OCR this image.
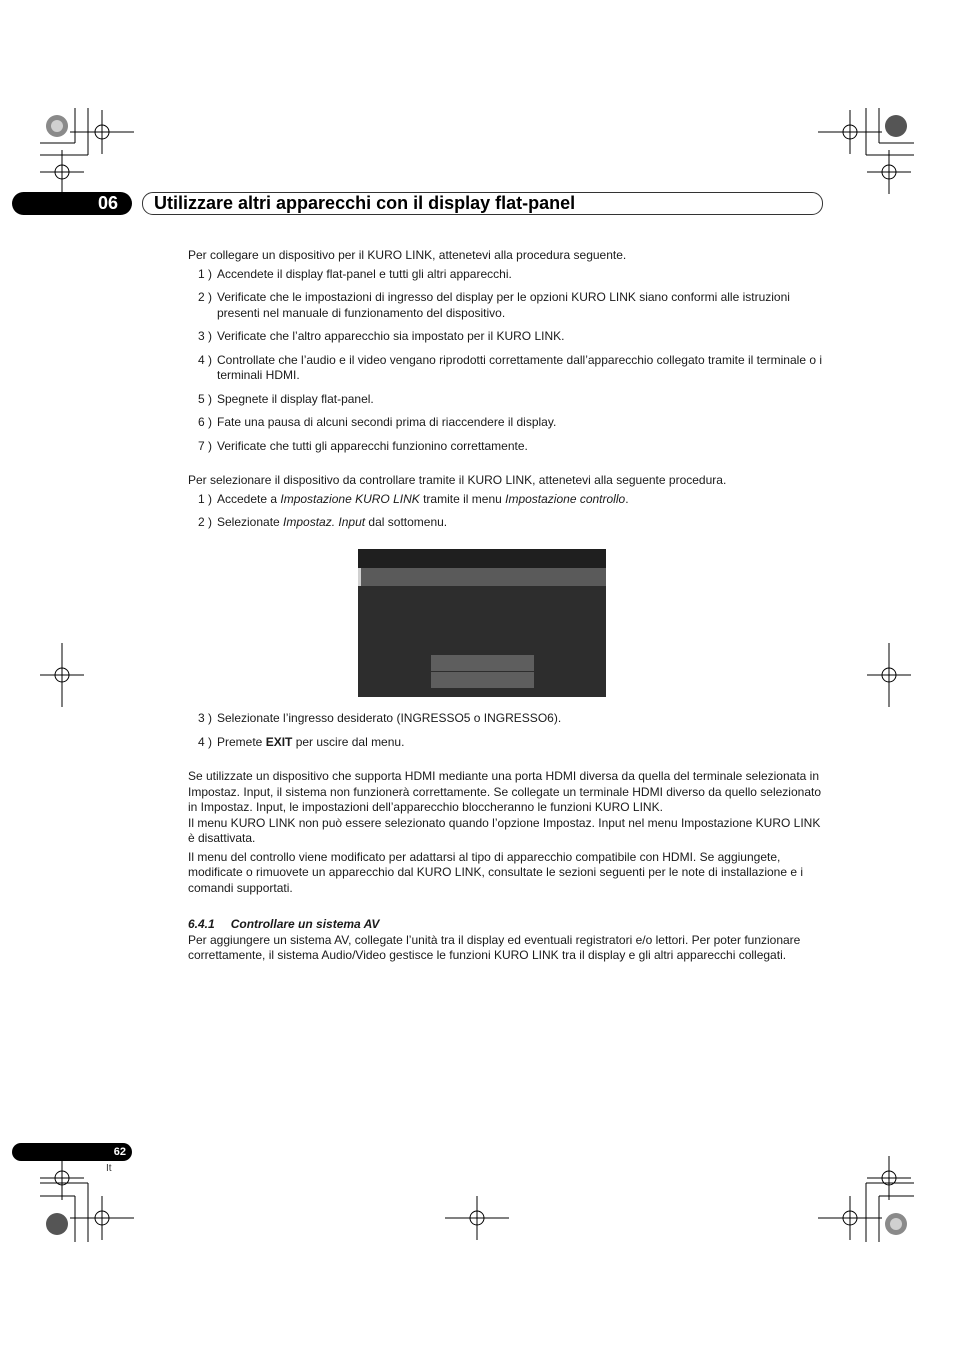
06	Utilizzare altri apparecchi con il display flat-panel

Per collegare un dispositivo per il KURO LINK, attenetevi alla procedura seguente.

1 ) Accendete il display flat-panel e tutti gli altri apparecchi.
2 ) Verificate che le impostazioni di ingresso del display per le opzioni KURO LINK siano conformi alle istruzioni presenti nel manuale di funzionamento del dispositivo.
3 ) Verificate che l’altro apparecchio sia impostato per il KURO LINK.
4 ) Controllate che l’audio e il video vengano riprodotti correttamente dall’apparecchio collegato tramite il terminale o i terminali HDMI.
5 ) Spegnete il display flat-panel.
6 ) Fate una pausa di alcuni secondi prima di riaccendere il display.
7 ) Verificate che tutti gli apparecchi funzionino correttamente.

Per selezionare il dispositivo da controllare tramite il KURO LINK, attenetevi alla seguente procedura.

1 ) Accedete a Impostazione KURO LINK tramite il menu Impostazione controllo.
2 ) Selezionate Impostaz. Input dal sottomenu.
3 ) Selezionate l’ingresso desiderato (INGRESSO5 o INGRESSO6).
4 ) Premete EXIT per uscire dal menu.

Se utilizzate un dispositivo che supporta HDMI mediante una porta HDMI diversa da quella del terminale selezionata in Impostaz. Input, il sistema non funzionerà correttamente. Se collegate un terminale HDMI diverso da quello selezionato in Impostaz. Input, le impostazioni dell’apparecchio bloccheranno le funzioni KURO LINK.

Il menu KURO LINK non può essere selezionato quando l’opzione Impostaz. Input nel menu Impostazione KURO LINK è disattivata.

Il menu del controllo viene modificato per adattarsi al tipo di apparecchio compatibile con HDMI. Se aggiungete, modificate o rimuovete un apparecchio dal KURO LINK, consultate le sezioni seguenti per le note di installazione e i comandi supportati.

6.4.1 Controllare un sistema AV

Per aggiungere un sistema AV, collegate l’unità tra il display ed eventuali registratori e/o lettori. Per poter funzionare correttamente, il sistema Audio/Video gestisce le funzioni KURO LINK tra il display e gli altri apparecchi collegati.

62
It
